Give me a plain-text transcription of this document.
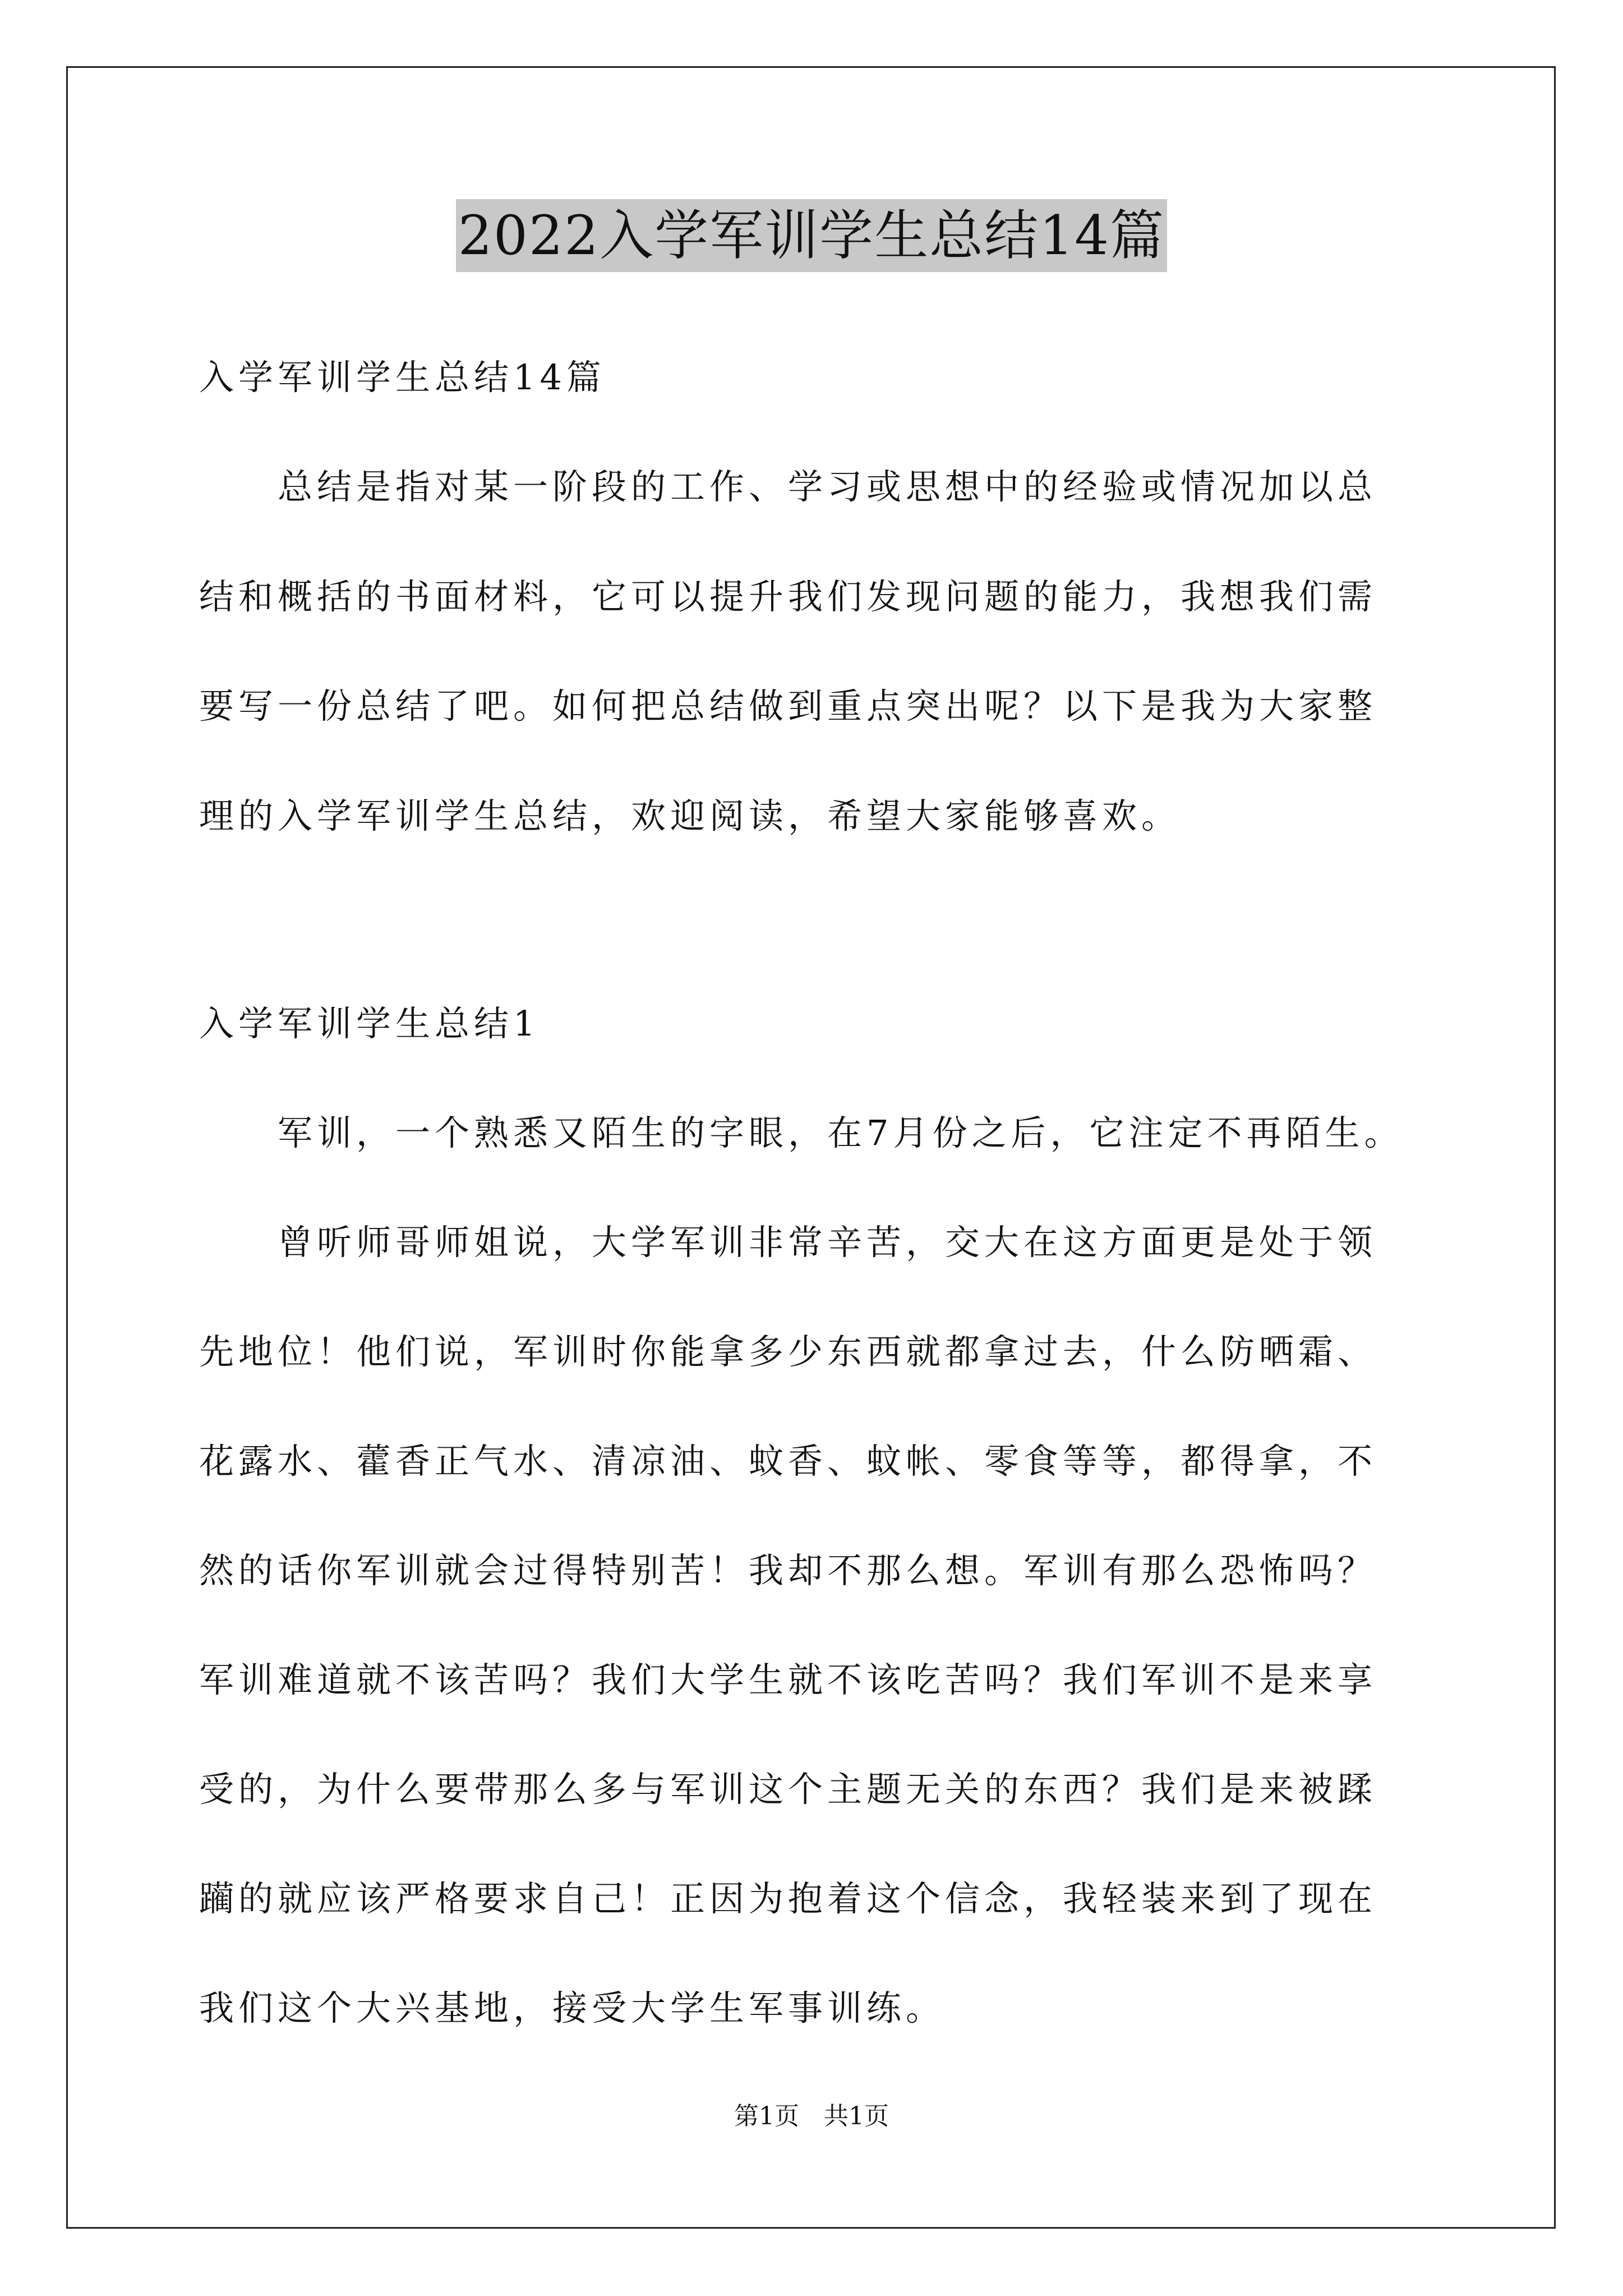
2022入学军训学生总结14篇
入学军训学生总结14篇
　　总结是指对某一阶段的工作、学习或思想中的经验或情况加以总
结和概括的书面材料，它可以提升我们发现问题的能力，我想我们需
要写一份总结了吧。如何把总结做到重点突出呢？以下是我为大家整
理的入学军训学生总结，欢迎阅读，希望大家能够喜欢。
入学军训学生总结1
　　军训，一个熟悉又陌生的字眼，在7月份之后，它注定不再陌生。
　　曾听师哥师姐说，大学军训非常辛苦，交大在这方面更是处于领
先地位！他们说，军训时你能拿多少东西就都拿过去，什么防晒霜、
花露水、藿香正气水、清凉油、蚊香、蚊帐、零食等等，都得拿，不
然的话你军训就会过得特别苦！我却不那么想。军训有那么恐怖吗？
军训难道就不该苦吗？我们大学生就不该吃苦吗？我们军训不是来享
受的，为什么要带那么多与军训这个主题无关的东西？我们是来被蹂
躏的就应该严格要求自己！正因为抱着这个信念，我轻装来到了现在
我们这个大兴基地，接受大学生军事训练。
第1页　共1页
